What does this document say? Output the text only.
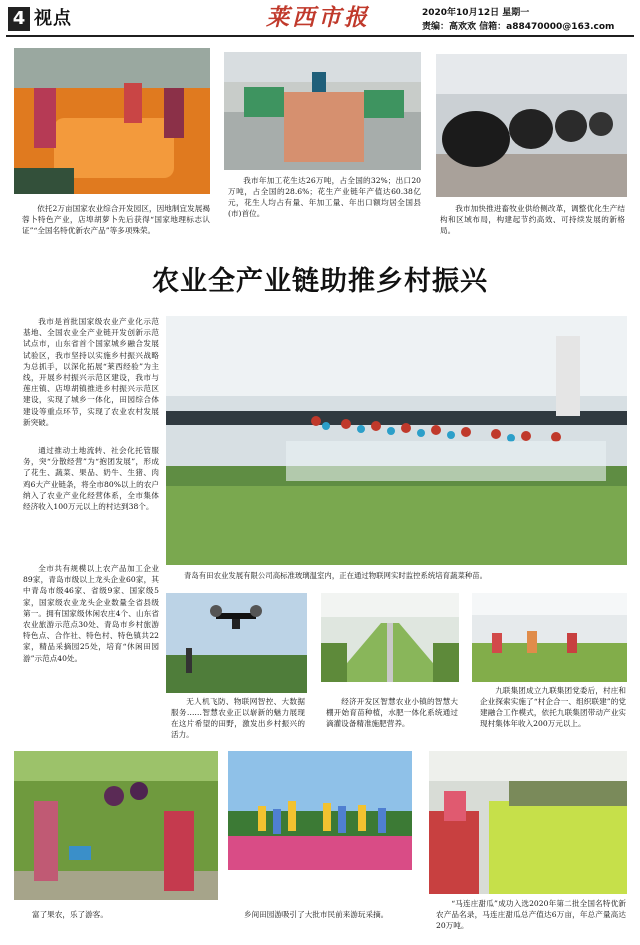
4 视点	莱西市报	2020年10月12日 星期一
责编：高欢欢 信箱：a88470000@163.com
依托2万亩国家农业综合开发园区，因地制宜发展褐蓉卜特色产业，店埠胡萝卜先后获得“国家地理标志认证”“全国名特优新农产品”等多项殊荣。
我市年加工花生达26万吨，占全国的32%；出口20万吨，占全国的28.6%；花生产业链年产值达60.38亿元，花生人均占有量、年加工量、年出口额均居全国县(市)首位。
我市加快推进畜牧业供给侧改革，调整优化生产结构和区域布局，构建起节约高效、可持续发展的新格局。
农业全产业链助推乡村振兴
我市是首批国家级农业产业化示范基地、全国农业全产业链开发创新示范试点市，山东省首个国家城乡融合发展试验区，我市坚持以实施乡村振兴战略为总抓手，以深化拓展“莱西经验”为主线，开展乡村振兴示范区建设，我市与莲庄镇、店埠胡镇推进乡村振兴示范区建设，实现了城乡一体化，田园综合体建设等重点环节，实现了农业农村发展新突破。
通过推动土地流转、社会化托管服务，突“分散经营”为“抱团发展”，形成了花生、蔬菜、果品、奶牛、生猪、肉鸡6大产业链条，将全市80%以上的农户纳入了农业产业化经营体系，全市集体经济收入100万元以上的村达到38个。
全市共有规模以上农产品加工企业89家，青岛市级以上龙头企业60家，其中青岛市级46家、省级9家、国家级5家，国家级农业龙头企业数量全省县级第一。拥有国家级休闲农庄4个、山东省农业旅游示范点30处、青岛市乡村旅游特色点、合作社、特色村、特色镇共22家，精品采摘园25处，培育“休闲田园游”示范点40处。
青岛有田农业发展有限公司高标准玻璃温室内，正在通过物联网实时监控系统培育蔬菜种苗。
无人机飞防、物联网智控、大数据服务……智慧农业正以崭新的魅力展现在这片希望的田野，激发出乡村振兴的活力。
经济开发区智慧农业小镇的智慧大棚开始育苗种植，水肥一体化系统通过滴灌设备精准施肥营养。
九联集团成立九联集团党委后，村庄和企业探索实施了“村企合一、组织联建”的党建融合工作模式，依托九联集团带动产业实现村集体年收入200万元以上。
富了果农，乐了游客。	乡间田园游吸引了大批市民前来游玩采摘。
“马连庄甜瓜”成功入选2020年第二批全国名特优新农产品名录，马连庄甜瓜总产值达6万亩，年总产量高达20万吨。
